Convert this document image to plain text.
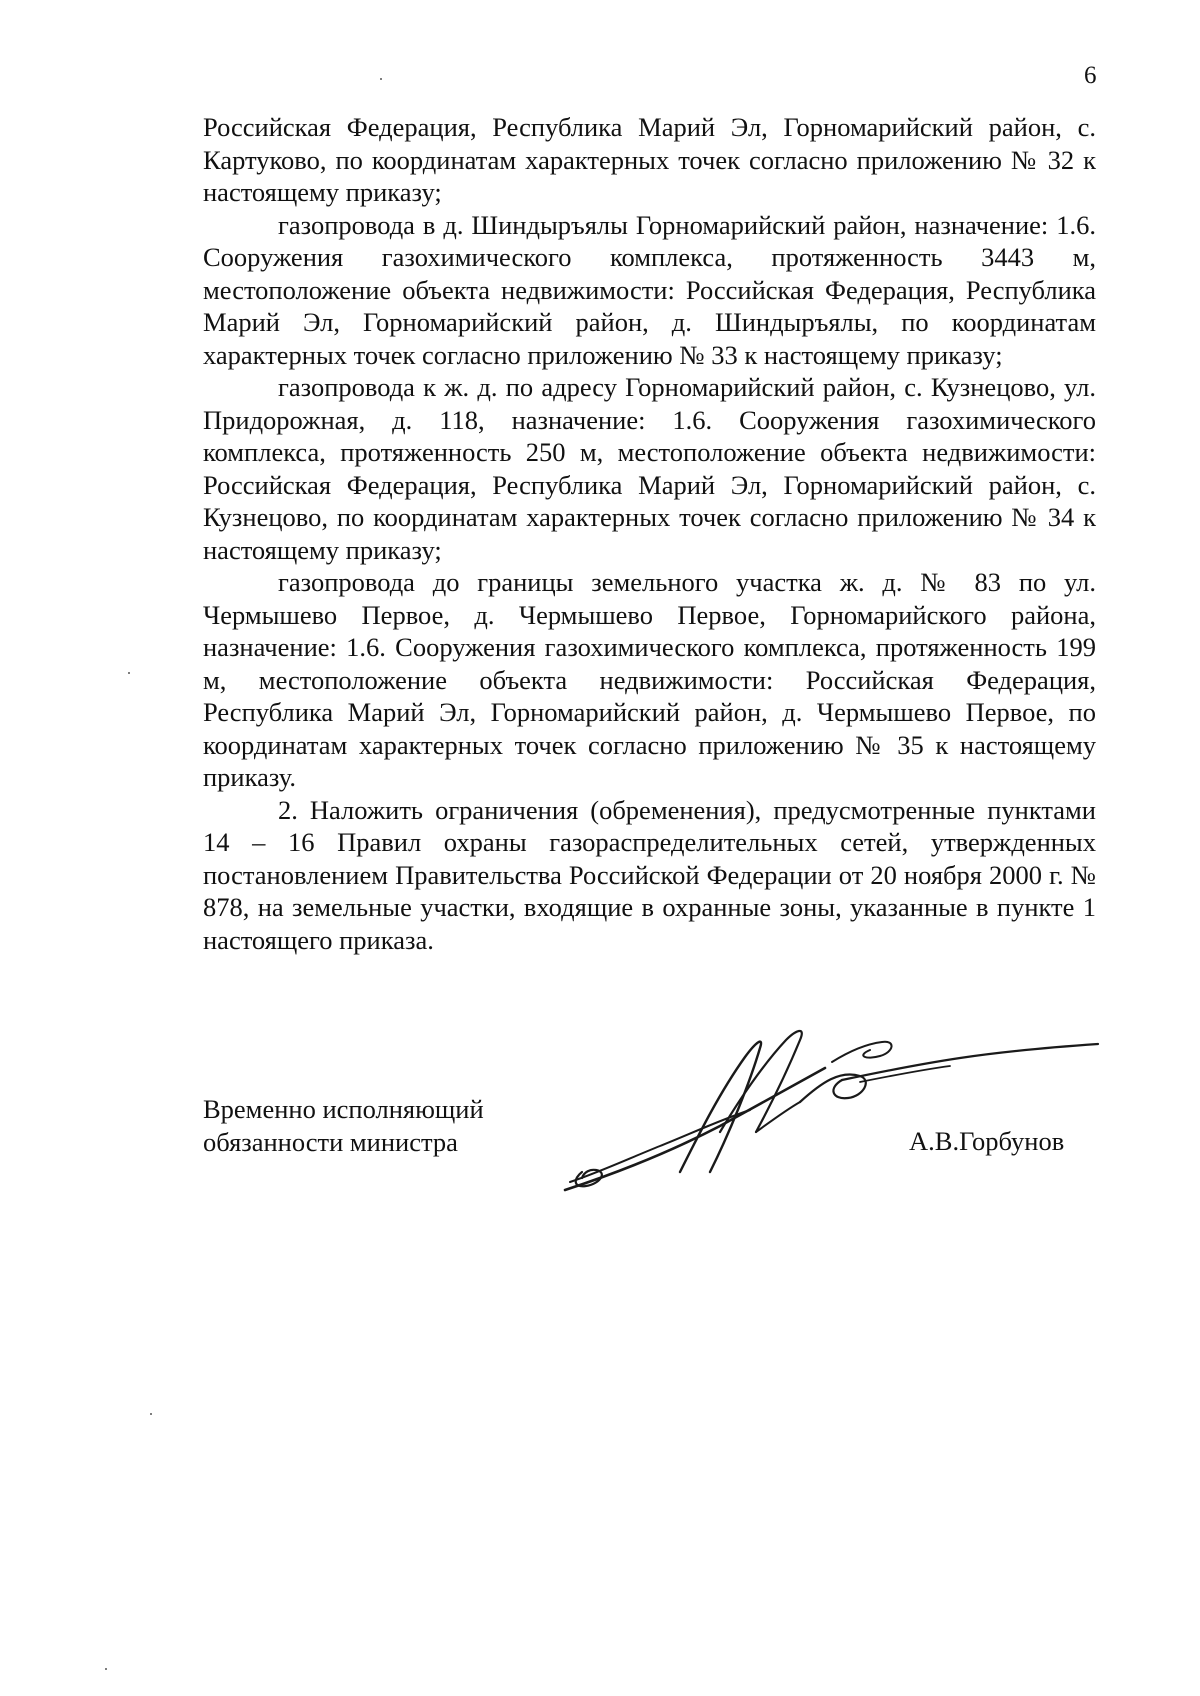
6

Российская Федерация, Республика Марий Эл, Горномарийский район, с. Картуково, по координатам характерных точек согласно приложению № 32 к настоящему приказу;

газопровода в д. Шиндыръялы Горномарийский район, назначение: 1.6. Сооружения газохимического комплекса, протяженность 3443 м, местоположение объекта недвижимости: Российская Федерация, Республика Марий Эл, Горномарийский район, д. Шиндыръялы, по координатам характерных точек согласно приложению № 33 к настоящему приказу;

газопровода к ж. д. по адресу Горномарийский район, с. Кузнецово, ул. Придорожная, д. 118, назначение: 1.6. Сооружения газохимического комплекса, протяженность 250 м, местоположение объекта недвижимости: Российская Федерация, Республика Марий Эл, Горномарийский район, с. Кузнецово, по координатам характерных точек согласно приложению № 34 к настоящему приказу;

газопровода до границы земельного участка ж. д. № 83 по ул. Чермышево Первое, д. Чермышево Первое, Горномарийского района, назначение: 1.6. Сооружения газохимического комплекса, протяженность 199 м, местоположение объекта недвижимости: Российская Федерация, Республика Марий Эл, Горномарийский район, д. Чермышево Первое, по координатам характерных точек согласно приложению № 35 к настоящему приказу.

2. Наложить ограничения (обременения), предусмотренные пунктами 14 – 16 Правил охраны газораспределительных сетей, утвержденных постановлением Правительства Российской Федерации от 20 ноября 2000 г. № 878, на земельные участки, входящие в охранные зоны, указанные в пункте 1 настоящего приказа.

Временно исполняющий
обязанности министра	А.В.Горбунов
